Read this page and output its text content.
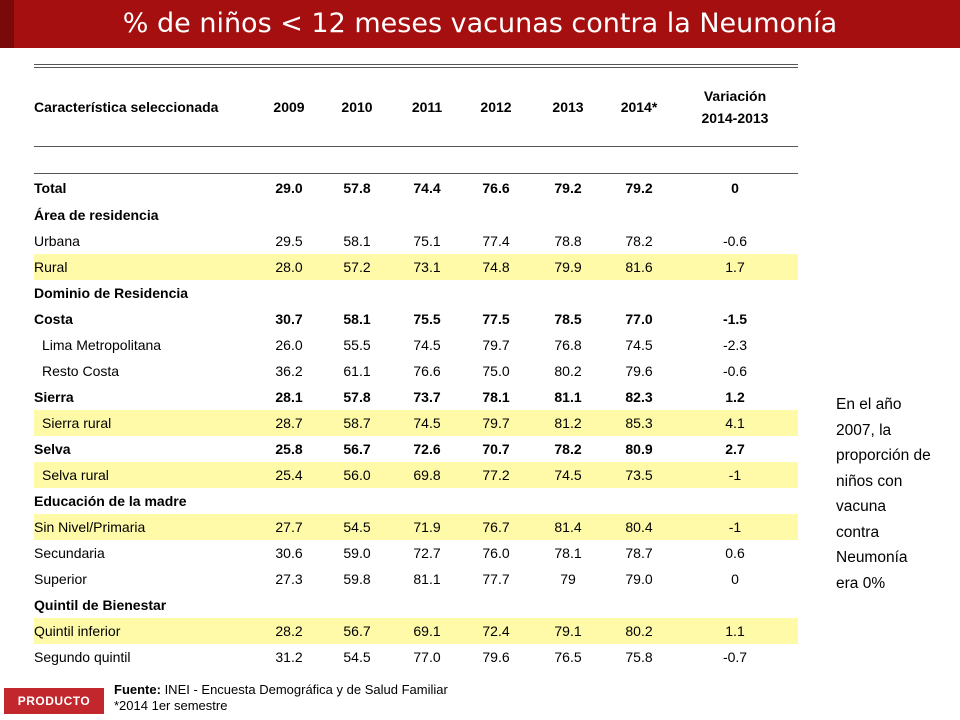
% de niños < 12 meses vacunas contra la Neumonía
Característica seleccionada	2009	2010	2011	2012	2013	2014*	Variación
2014-2013

Total	29.0	57.8	74.4	76.6	79.2	79.2	0
Área de residencia							
Urbana	29.5	58.1	75.1	77.4	78.8	78.2	-0.6
Rural	28.0	57.2	73.1	74.8	79.9	81.6	1.7
Dominio de Residencia							
Costa	30.7	58.1	75.5	77.5	78.5	77.0	-1.5
Lima Metropolitana	26.0	55.5	74.5	79.7	76.8	74.5	-2.3
Resto Costa	36.2	61.1	76.6	75.0	80.2	79.6	-0.6
Sierra	28.1	57.8	73.7	78.1	81.1	82.3	1.2
Sierra rural	28.7	58.7	74.5	79.7	81.2	85.3	4.1
Selva	25.8	56.7	72.6	70.7	78.2	80.9	2.7
Selva rural	25.4	56.0	69.8	77.2	74.5	73.5	-1
Educación de la madre							
Sin Nivel/Primaria	27.7	54.5	71.9	76.7	81.4	80.4	-1
Secundaria	30.6	59.0	72.7	76.0	78.1	78.7	0.6
Superior	27.3	59.8	81.1	77.7	79	79.0	0
Quintil de Bienestar							
Quintil inferior	28.2	56.7	69.1	72.4	79.1	80.2	1.1
Segundo quintil	31.2	54.5	77.0	79.6	76.5	75.8	-0.7
En el año
2007, la
proporción de
niños con
vacuna
contra
Neumonía
era 0%
PRODUCTO
Fuente: INEI - Encuesta Demográfica y de Salud Familiar
*2014 1er semestre
